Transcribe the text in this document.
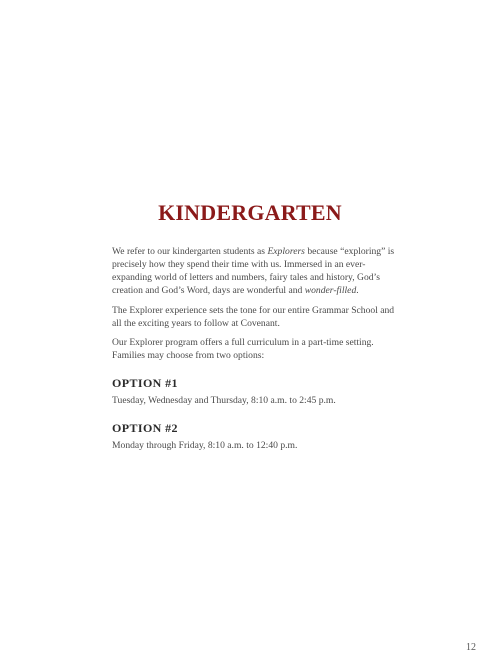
KINDERGARTEN

We refer to our kindergarten students as Explorers because “exploring” is precisely how they spend their time with us. Immersed in an ever-expanding world of letters and numbers, fairy tales and history, God’s creation and God’s Word, days are wonderful and wonder-filled.

The Explorer experience sets the tone for our entire Grammar School and all the exciting years to follow at Covenant.

Our Explorer program offers a full curriculum in a part-time setting. Families may choose from two options:

OPTION #1

Tuesday, Wednesday and Thursday, 8:10 a.m. to 2:45 p.m.

OPTION #2

Monday through Friday, 8:10 a.m. to 12:40 p.m.

12
